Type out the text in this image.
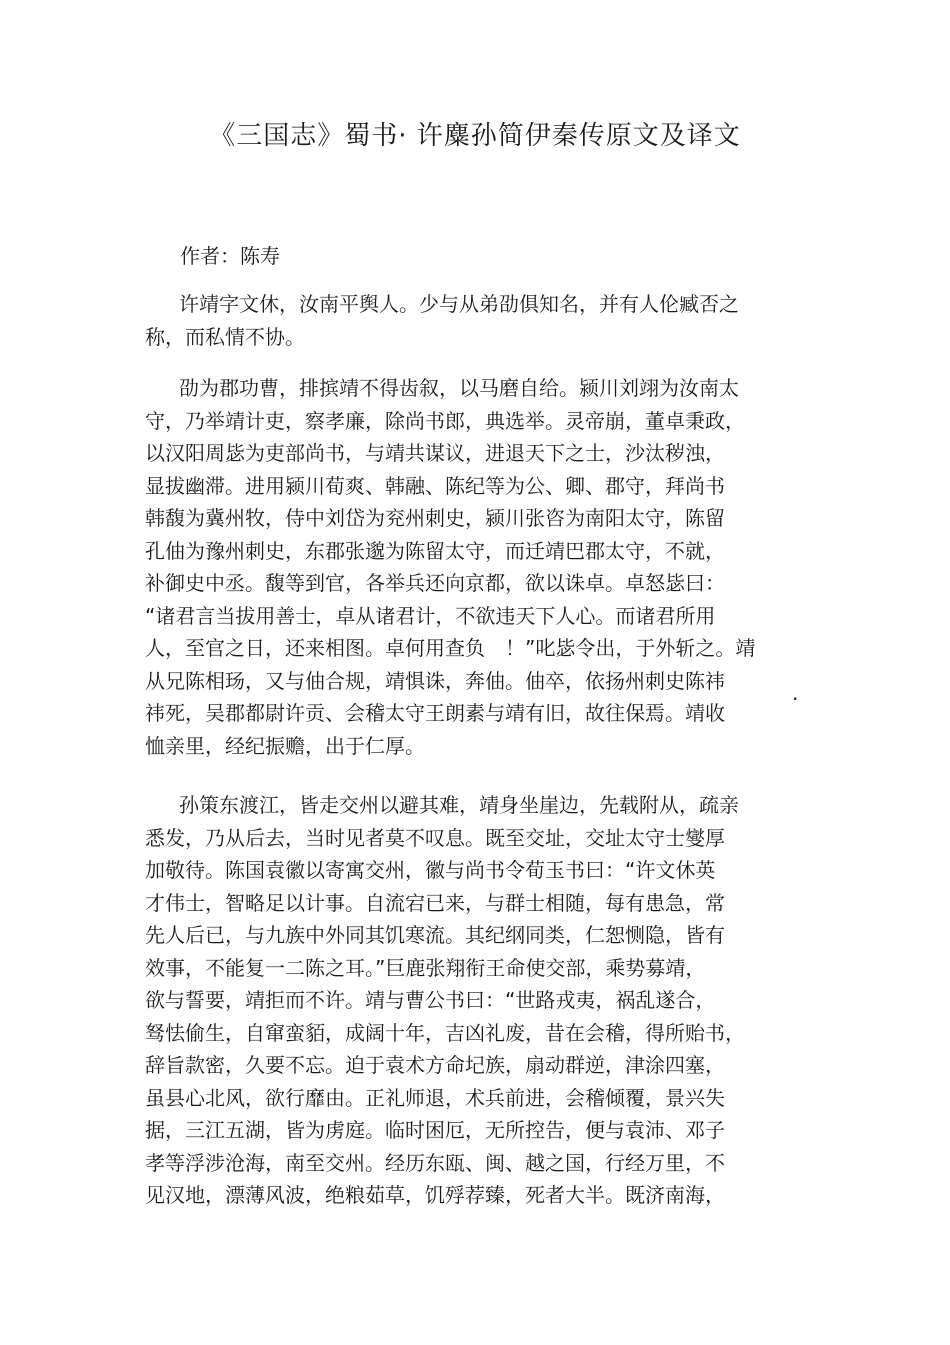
《三国志》蜀书· 许麋孙简伊秦传原文及译文

作者：陈寿

许靖字文休，汝南平舆人。少与从弟劭俱知名，并有人伦臧否之
称，而私情不协。
劭为郡功曹，排摈靖不得齿叙，以马磨自给。颍川刘翊为汝南太
守，乃举靖计吏，察孝廉，除尚书郎，典选举。灵帝崩，董卓秉政，
以汉阳周毖为吏部尚书，与靖共谋议，进退天下之士，沙汰秽浊，
显拔幽滞。进用颍川荀爽、韩融、陈纪等为公、卿、郡守，拜尚书
韩馥为冀州牧，侍中刘岱为兖州刺史，颍川张咨为南阳太守，陈留
孔伷为豫州刺史，东郡张邈为陈留太守，而迁靖巴郡太守，不就，
补御史中丞。馥等到官，各举兵还向京都，欲以诛卓。卓怒毖曰：
“诸君言当拔用善士，卓从诸君计，不欲违天下人心。而诸君所用
人，至官之日，还来相图。卓何用查负　！”叱毖令出，于外斩之。靖
从兄陈相玚，又与伷合规，靖惧诛，奔伷。伷卒，依扬州刺史陈祎
祎死，吴郡都尉许贡、会稽太守王朗素与靖有旧，故往保焉。靖收
恤亲里，经纪振赡，出于仁厚。
孙策东渡江，皆走交州以避其难，靖身坐崖边，先载附从，疏亲
悉发，乃从后去，当时见者莫不叹息。既至交址，交址太守士燮厚
加敬待。陈国袁徽以寄寓交州，徽与尚书令荀玉书曰：“许文休英
才伟士，智略足以计事。自流宕已来，与群士相随，每有患急，常
先人后已，与九族中外同其饥寒流。其纪纲同类，仁恕恻隐，皆有
效事，不能复一二陈之耳。”巨鹿张翔衔王命使交部，乘势募靖，
欲与誓要，靖拒而不许。靖与曹公书曰：“世路戎夷，祸乱遂合，
驽怯偷生，自窜蛮貊，成阔十年，吉凶礼废，昔在会稽，得所贻书，
辞旨款密，久要不忘。迫于袁术方命圮族，扇动群逆，津涂四塞，
虽县心北风，欲行靡由。正礼师退，术兵前进，会稽倾覆，景兴失
据，三江五湖，皆为虏庭。临时困厄，无所控告，便与袁沛、邓子
孝等浮涉沧海，南至交州。经历东瓯、闽、越之国，行经万里，不
见汉地，漂薄风波，绝粮茹草，饥殍荐臻，死者大半。既济南海，
.
